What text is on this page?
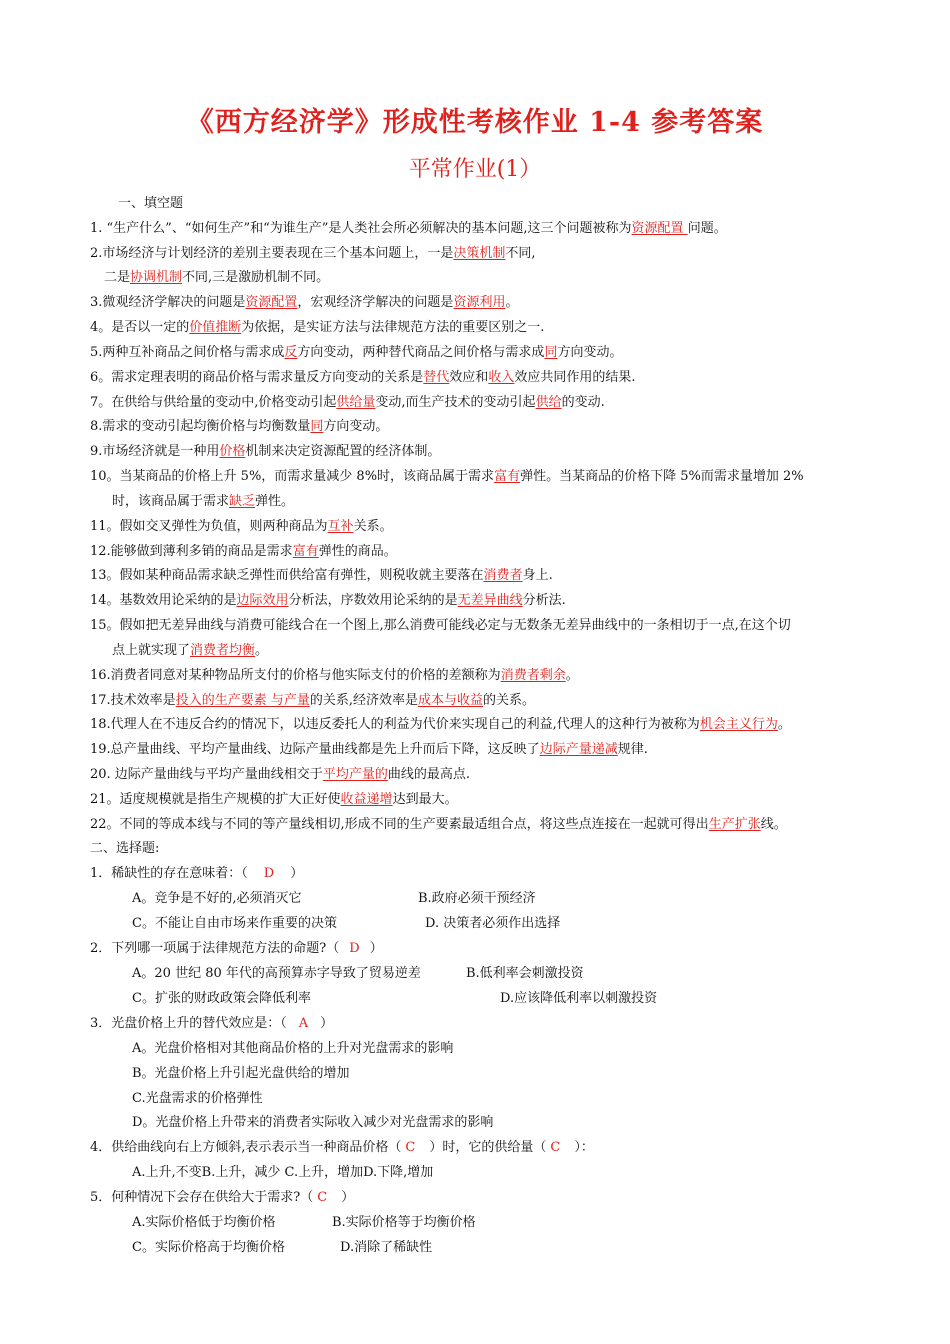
《西方经济学》形成性考核作业 1-4 参考答案
平常作业(1）
一、填空题
1. “生产什么”、“如何生产”和“为谁生产”是人类社会所必须解决的基本问题,这三个问题被称为资源配置 问题。
2.市场经济与计划经济的差别主要表现在三个基本问题上，一是决策机制不同,
二是协调机制不同,三是激励机制不同。
3.微观经济学解决的问题是资源配置，宏观经济学解决的问题是资源利用。
4。是否以一定的价值推断为依据，是实证方法与法律规范方法的重要区别之一.
5.两种互补商品之间价格与需求成反方向变动，两种替代商品之间价格与需求成同方向变动。
6。需求定理表明的商品价格与需求量反方向变动的关系是替代效应和收入效应共同作用的结果.
7。在供给与供给量的变动中,价格变动引起供给量变动,而生产技术的变动引起供给的变动.
8.需求的变动引起均衡价格与均衡数量同方向变动。
9.市场经济就是一种用价格机制来决定资源配置的经济体制。
10。当某商品的价格上升 5%，而需求量减少 8%时，该商品属于需求富有弹性。当某商品的价格下降 5%而需求量增加 2%
时，该商品属于需求缺乏弹性。
11。假如交叉弹性为负值，则两种商品为互补关系。
12.能够做到薄利多销的商品是需求富有弹性的商品。
13。假如某种商品需求缺乏弹性而供给富有弹性，则税收就主要落在消费者身上.
14。基数效用论采纳的是边际效用分析法，序数效用论采纳的是无差异曲线分析法.
15。假如把无差异曲线与消费可能线合在一个图上,那么消费可能线必定与无数条无差异曲线中的一条相切于一点,在这个切
点上就实现了消费者均衡。
16.消费者同意对某种物品所支付的价格与他实际支付的价格的差额称为消费者剩余。
17.技术效率是投入的生产要素 与产量的关系,经济效率是成本与收益的关系。
18.代理人在不违反合约的情况下，以违反委托人的利益为代价来实现自己的利益,代理人的这种行为被称为机会主义行为。
19.总产量曲线、平均产量曲线、边际产量曲线都是先上升而后下降，这反映了边际产量递减规律.
20. 边际产量曲线与平均产量曲线相交于平均产量的曲线的最高点.
21。适度规模就是指生产规模的扩大正好使收益递增达到最大。
22。不同的等成本线与不同的等产量线相切,形成不同的生产要素最适组合点，将这些点连接在一起就可得出生产扩张线。
二、选择题:
1．稀缺性的存在意味着：（ D ）
A。竞争是不好的,必须消灭它	B.政府必须干预经济
C。不能让自由市场来作重要的决策	D. 决策者必须作出选择
2．下列哪一项属于法律规范方法的命题?（ D ）
A。20 世纪 80 年代的高预算赤字导致了贸易逆差	B.低利率会刺激投资
C。扩张的财政政策会降低利率	D.应该降低利率以刺激投资
3．光盘价格上升的替代效应是：（ A ）
A。光盘价格相对其他商品价格的上升对光盘需求的影响
B。光盘价格上升引起光盘供给的增加
C.光盘需求的价格弹性
D。光盘价格上升带来的消费者实际收入减少对光盘需求的影响
4．供给曲线向右上方倾斜,表示表示当一种商品价格（ C ）时，它的供给量（ C ）：
A.上升,不变B.上升，减少 C.上升，增加D.下降,增加
5．何种情况下会存在供给大于需求?（ C ）
A.实际价格低于均衡价格	B.实际价格等于均衡价格
C。实际价格高于均衡价格	D.消除了稀缺性
